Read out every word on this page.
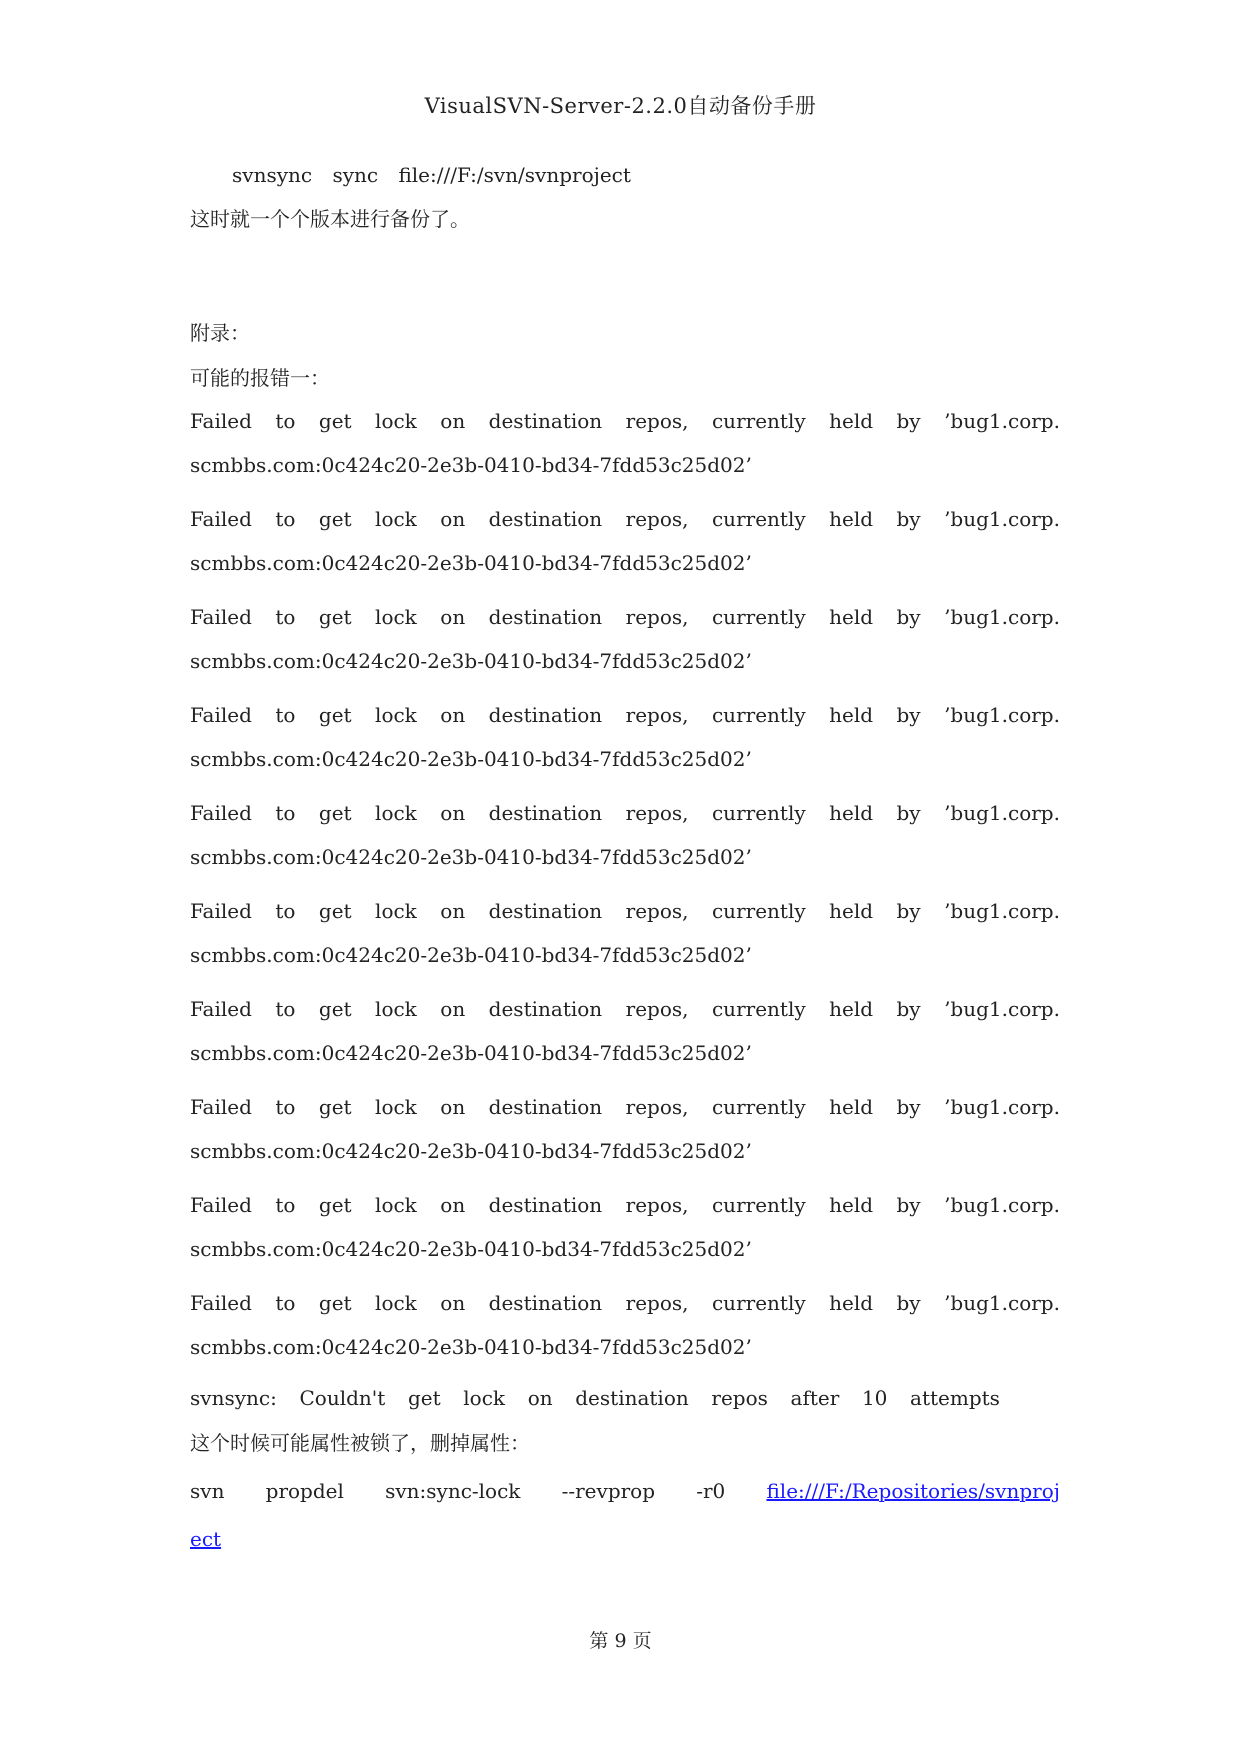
VisualSVN-Server-2.2.0自动备份手册
svnsync sync file:///F:/svn/svnproject
这时就一个个版本进行备份了。
附录：
可能的报错一：
Failed to get lock on destination repos, currently held by ’bug1.corp.
scmbbs.com:0c424c20-2e3b-0410-bd34-7fdd53c25d02’
Failed to get lock on destination repos, currently held by ’bug1.corp.
scmbbs.com:0c424c20-2e3b-0410-bd34-7fdd53c25d02’
Failed to get lock on destination repos, currently held by ’bug1.corp.
scmbbs.com:0c424c20-2e3b-0410-bd34-7fdd53c25d02’
Failed to get lock on destination repos, currently held by ’bug1.corp.
scmbbs.com:0c424c20-2e3b-0410-bd34-7fdd53c25d02’
Failed to get lock on destination repos, currently held by ’bug1.corp.
scmbbs.com:0c424c20-2e3b-0410-bd34-7fdd53c25d02’
Failed to get lock on destination repos, currently held by ’bug1.corp.
scmbbs.com:0c424c20-2e3b-0410-bd34-7fdd53c25d02’
Failed to get lock on destination repos, currently held by ’bug1.corp.
scmbbs.com:0c424c20-2e3b-0410-bd34-7fdd53c25d02’
Failed to get lock on destination repos, currently held by ’bug1.corp.
scmbbs.com:0c424c20-2e3b-0410-bd34-7fdd53c25d02’
Failed to get lock on destination repos, currently held by ’bug1.corp.
scmbbs.com:0c424c20-2e3b-0410-bd34-7fdd53c25d02’
Failed to get lock on destination repos, currently held by ’bug1.corp.
scmbbs.com:0c424c20-2e3b-0410-bd34-7fdd53c25d02’
svnsync: Couldn't get lock on destination repos after 10 attempts
这个时候可能属性被锁了，删掉属性：
svn propdel svn:sync-lock --revprop -r0 file:///F:/Repositories/svnproj
ect
第 9 页
